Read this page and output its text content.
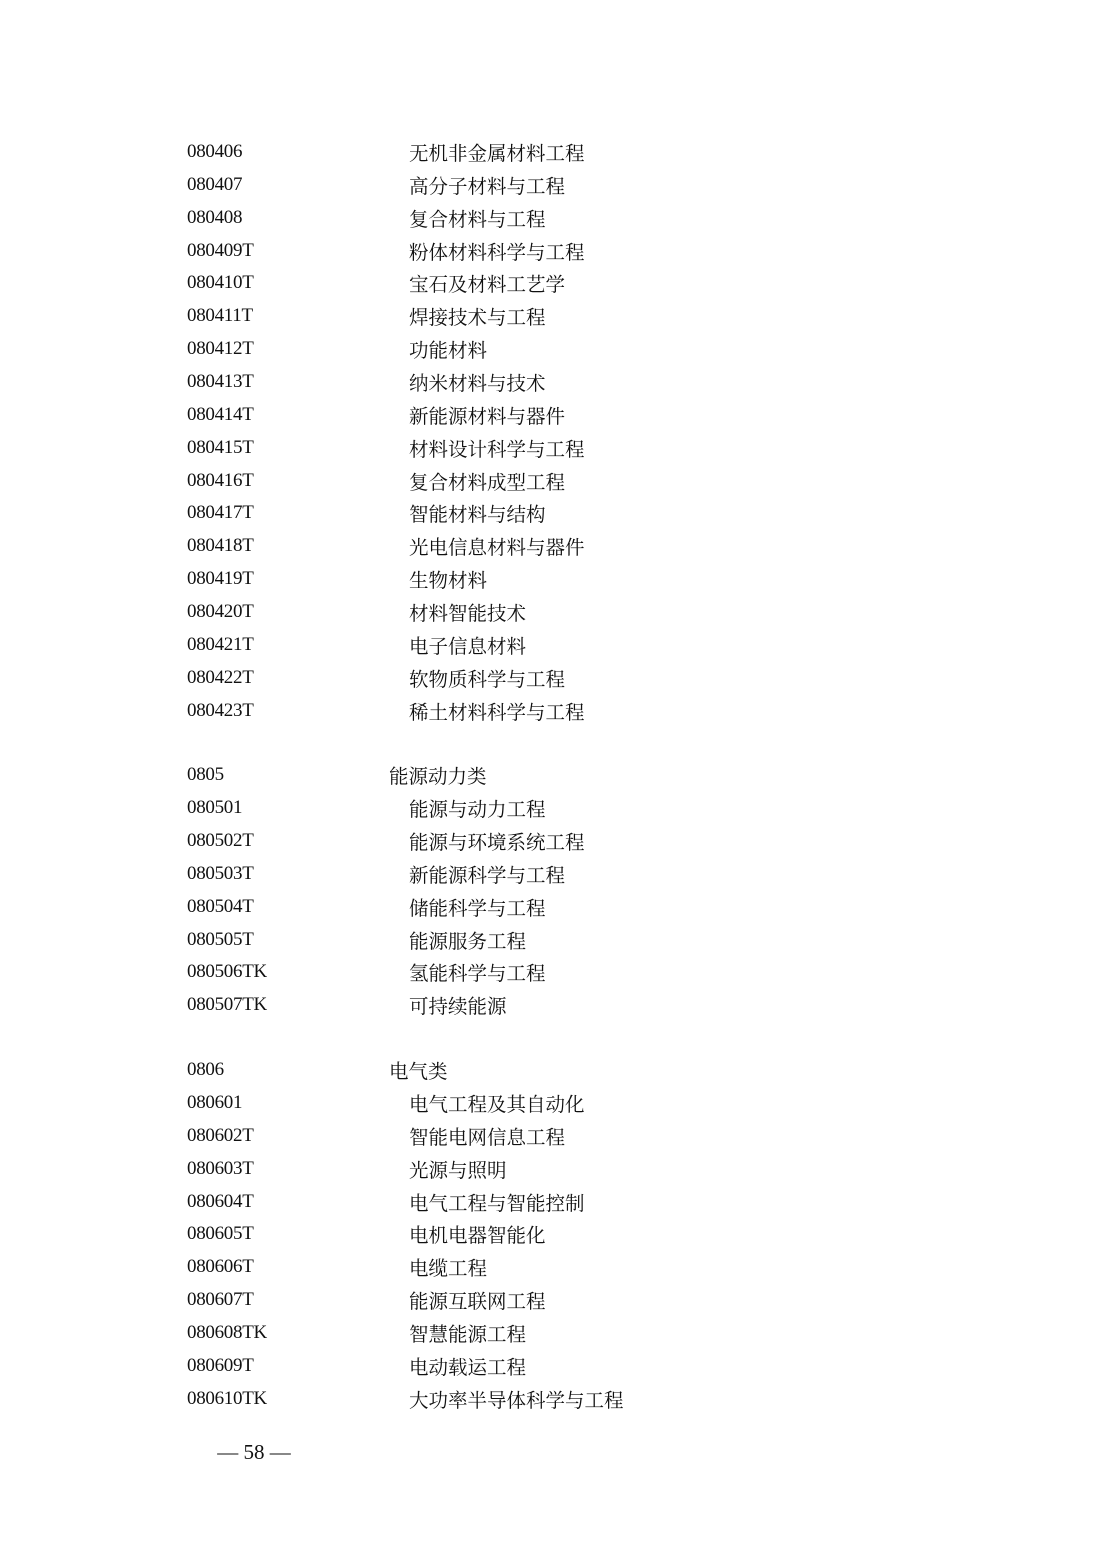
080406	无机非金属材料工程
080407	高分子材料与工程
080408	复合材料与工程
080409T	粉体材料科学与工程
080410T	宝石及材料工艺学
080411T	焊接技术与工程
080412T	功能材料
080413T	纳米材料与技术
080414T	新能源材料与器件
080415T	材料设计科学与工程
080416T	复合材料成型工程
080417T	智能材料与结构
080418T	光电信息材料与器件
080419T	生物材料
080420T	材料智能技术
080421T	电子信息材料
080422T	软物质科学与工程
080423T	稀土材料科学与工程
0805	能源动力类
080501	能源与动力工程
080502T	能源与环境系统工程
080503T	新能源科学与工程
080504T	储能科学与工程
080505T	能源服务工程
080506TK	氢能科学与工程
080507TK	可持续能源
0806	电气类
080601	电气工程及其自动化
080602T	智能电网信息工程
080603T	光源与照明
080604T	电气工程与智能控制
080605T	电机电器智能化
080606T	电缆工程
080607T	能源互联网工程
080608TK	智慧能源工程
080609T	电动载运工程
080610TK	大功率半导体科学与工程
— 58 —
